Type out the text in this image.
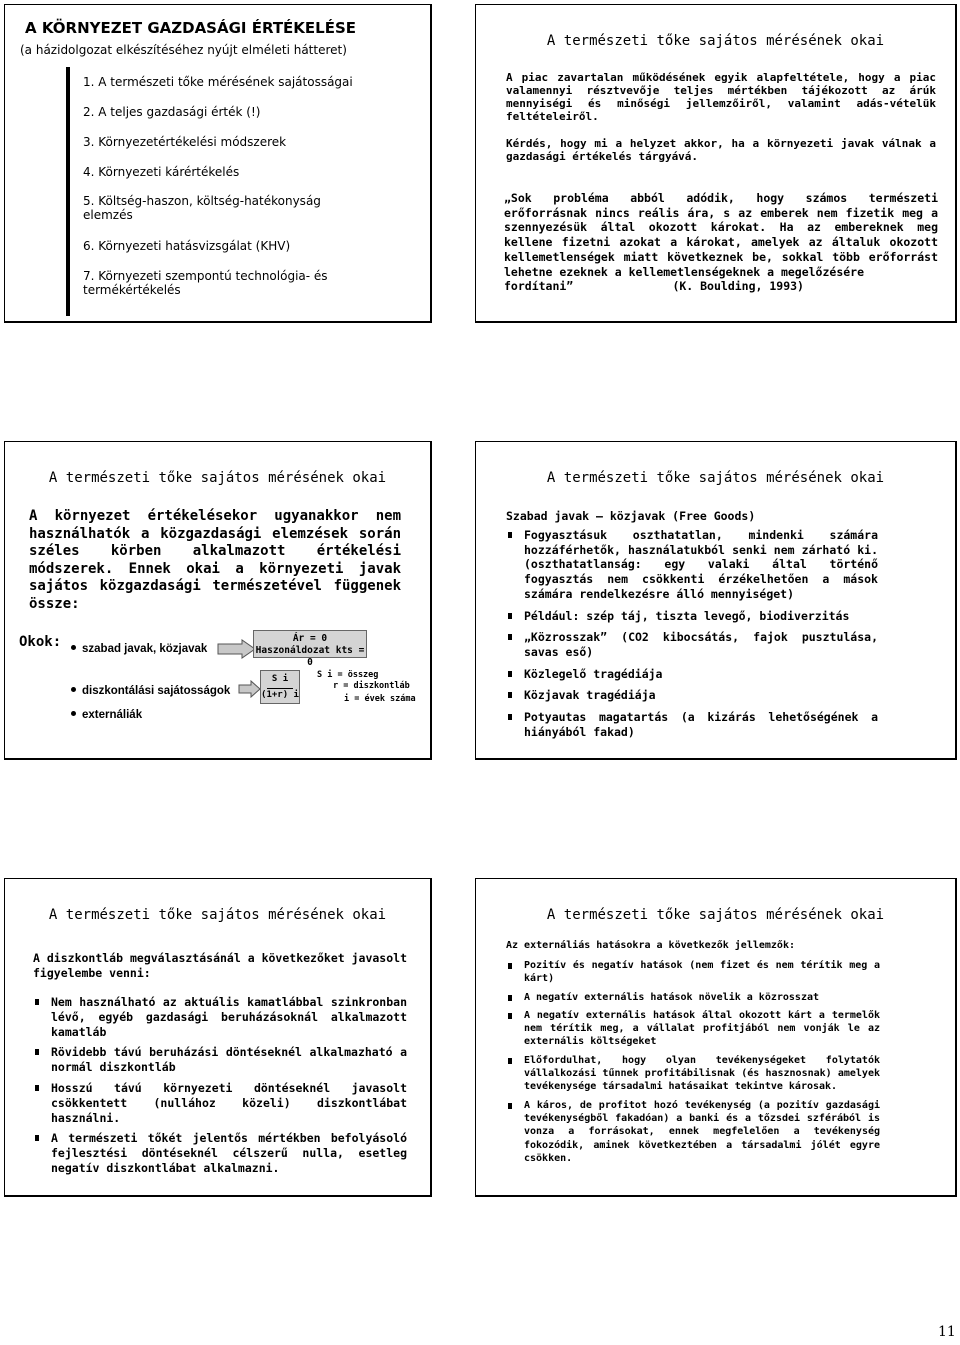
A KÖRNYEZET GAZDASÁGI ÉRTÉKELÉSE
(a házidolgozat elkészítéséhez nyújt elméleti hátteret)
1. A természeti tőke mérésének sajátosságai
2. A teljes gazdasági érték (!)
3. Környezetértékelési módszerek
4. Környezeti kárértékelés
5. Költség-haszon, költség-hatékonyság elemzés
6. Környezeti hatásvizsgálat (KHV)
7. Környezeti szempontú technológia- és termékértékelés
A természeti tőke sajátos mérésének okai
A piac zavartalan működésének egyik alapfeltétele, hogy a piac valamennyi résztvevője teljes mértékben tájékozott az árúk mennyiségi és minőségi jellemzőiről, valamint adás-vételük feltételeiről.
Kérdés, hogy mi a helyzet akkor, ha a környezeti javak válnak a gazdasági értékelés tárgyává.
„Sok probléma abból adódik, hogy számos természeti erőforrásnak nincs reális ára, s az emberek nem fizetik meg a szennyezésük által okozott károkat. Ha az embereknek meg kellene fizetni azokat a károkat, amelyek az általuk okozott kellemetlenségek miatt következnek be, sokkal több erőforrást lehetne ezeknek a kellemetlenségeknek a megelőzésére
fordítani”	(K. Boulding, 1993)
A természeti tőke sajátos mérésének okai
A környezet értékelésekor ugyanakkor nem használhatók a közgazdasági elemzések során széles körben alkalmazott értékelési módszerek. Ennek okai a környezeti javak sajátos közgazdasági természetével függenek össze:
Okok:	szabad javak, közjavak
diszkontálási sajátosságok
externáliák
Ár = 0
Haszonáldozat kts = 0
S i
(1+r) i
S i = összeg
r = diszkontláb
i = évek száma
A természeti tőke sajátos mérésének okai
Szabad javak – közjavak (Free Goods)
Fogyasztásuk oszthatatlan, mindenki számára hozzáférhetők, használatukból senki nem zárható ki. (oszthatatlanság: egy valaki által történő fogyasztás nem csökkenti érzékelhetően a mások számára rendelkezésre álló mennyiséget)
Például: szép táj, tiszta levegő, biodiverzitás
„Közrosszak” (CO2 kibocsátás, fajok pusztulása, savas eső)
Közlegelő tragédiája
Közjavak tragédiája
Potyautas magatartás (a kizárás lehetőségének a hiányából fakad)
A természeti tőke sajátos mérésének okai
A diszkontláb megválasztásánál a következőket javasolt figyelembe venni:
Nem használható az aktuális kamatlábbal szinkronban lévő, egyéb gazdasági beruházásoknál alkalmazott kamatláb
Rövidebb távú beruházási döntéseknél alkalmazható a normál diszkontláb
Hosszú távú környezeti döntéseknél javasolt csökkentett (nullához közeli) diszkontlábat használni.
A természeti tőkét jelentős mértékben befolyásoló fejlesztési döntéseknél célszerű nulla, esetleg negatív diszkontlábat alkalmazni.
A természeti tőke sajátos mérésének okai
Az externáliás hatásokra a következők jellemzők:
Pozitív és negatív hatások (nem fizet és nem térítik meg a kárt)
A negatív externális hatások növelik a közrosszat
A negatív externális hatások által okozott kárt a termelők nem térítik meg, a vállalat profitjából nem vonják le az externális költségeket
Előfordulhat, hogy olyan tevékenységeket folytatók vállalkozási tűnnek profitábilisnak (és hasznosnak) amelyek tevékenysége társadalmi hatásaikat tekintve károsak.
A káros, de profitot hozó tevékenység (a pozitív gazdasági tevékenységből fakadóan) a banki és a tőzsdei szférából is vonza a forrásokat, ennek megfelelően a tevékenység fokozódik, aminek következtében a társadalmi jólét egyre csökken.
11
